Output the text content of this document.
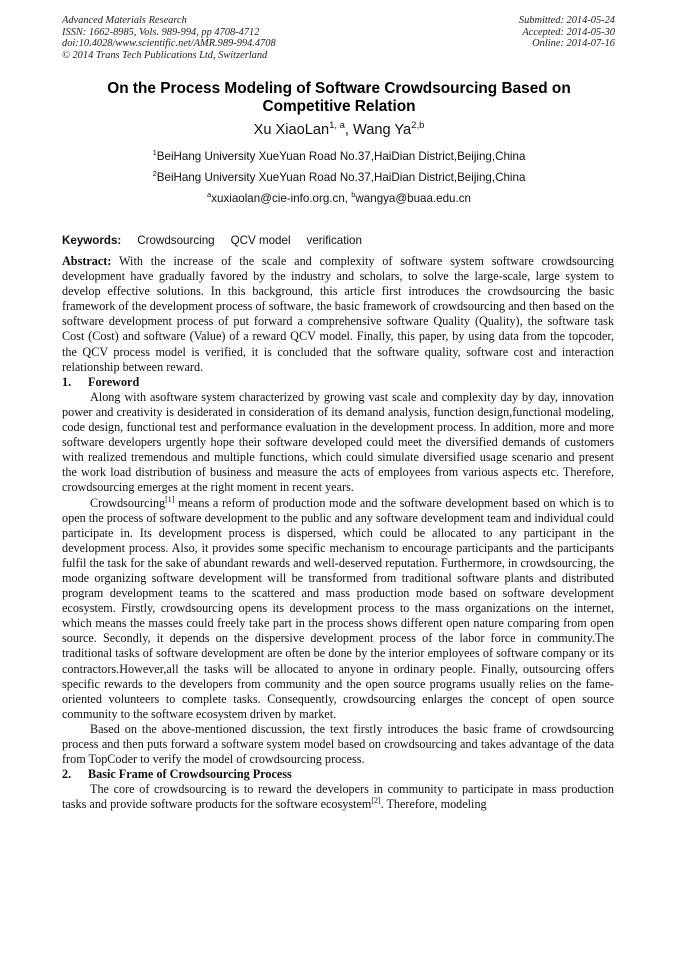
Advanced Materials Research
ISSN: 1662-8985, Vols. 989-994, pp 4708-4712
doi:10.4028/www.scientific.net/AMR.989-994.4708
© 2014 Trans Tech Publications Ltd, Switzerland
Submitted: 2014-05-24
Accepted: 2014-05-30
Online: 2014-07-16
On the Process Modeling of Software Crowdsourcing Based on
Competitive Relation
Xu XiaoLan$^{1, a}$, Wang Ya$^{2,b}$
$^1$BeiHang University XueYuan Road No.37,HaiDian District,Beijing,China
$^2$BeiHang University XueYuan Road No.37,HaiDian District,Beijing,China
$^a$xuxiaolan@cie-info.org.cn, $^b$wangya@buaa.edu.cn
Keywords: Crowdsourcing QCV model verification

Abstract: With the increase of the scale and complexity of software system software crowdsourcing development have gradually favored by the industry and scholars, to solve the large-scale, large system to develop effective solutions. In this background, this article first introduces the crowdsourcing the basic framework of the development process of software, the basic framework of crowdsourcing and then based on the software development process of put forward a comprehensive software Quality (Quality), the software task Cost (Cost) and software (Value) of a reward QCV model. Finally, this paper, by using data from the topcoder, the QCV process model is verified, it is concluded that the software quality, software cost and interaction relationship between reward.

1. Foreword

Along with asoftware system characterized by growing vast scale and complexity day by day, innovation power and creativity is desiderated in consideration of its demand analysis, function design,functional modeling, code design, functional test and performance evaluation in the development process. In addition, more and more software developers urgently hope their software developed could meet the diversified demands of customers with realized tremendous and multiple functions, which could simulate diversified usage scenario and present the work load distribution of business and measure the acts of employees from various aspects etc. Therefore, crowdsourcing emerges at the right moment in recent years.

Crowdsourcing[1] means a reform of production mode and the software development based on which is to open the process of software development to the public and any software development team and individual could participate in. Its development process is dispersed, which could be allocated to any participant in the development process. Also, it provides some specific mechanism to encourage participants and the participants fulfil the task for the sake of abundant rewards and well-deserved reputation. Furthermore, in crowdsourcing, the mode organizing software development will be transformed from traditional software plants and distributed program development teams to the scattered and mass production mode based on software development ecosystem. Firstly, crowdsourcing opens its development process to the mass organizations on the internet, which means the masses could freely take part in the process shows different open nature comparing from open source. Secondly, it depends on the dispersive development process of the labor force in community.The traditional tasks of software development are often be done by the interior employees of software company or its contractors.However,all the tasks will be allocated to anyone in ordinary people. Finally, outsourcing offers specific rewards to the developers from community and the open source programs usually relies on the fame-oriented volunteers to complete tasks. Consequently, crowdsourcing enlarges the concept of open source community to the software ecosystem driven by market.

Based on the above-mentioned discussion, the text firstly introduces the basic frame of crowdsourcing process and then puts forward a software system model based on crowdsourcing and takes advantage of the data from TopCoder to verify the model of crowdsourcing process.

2. Basic Frame of Crowdsourcing Process

The core of crowdsourcing is to reward the developers in community to participate in mass production tasks and provide software products for the software ecosystem[2]. Therefore, modeling
